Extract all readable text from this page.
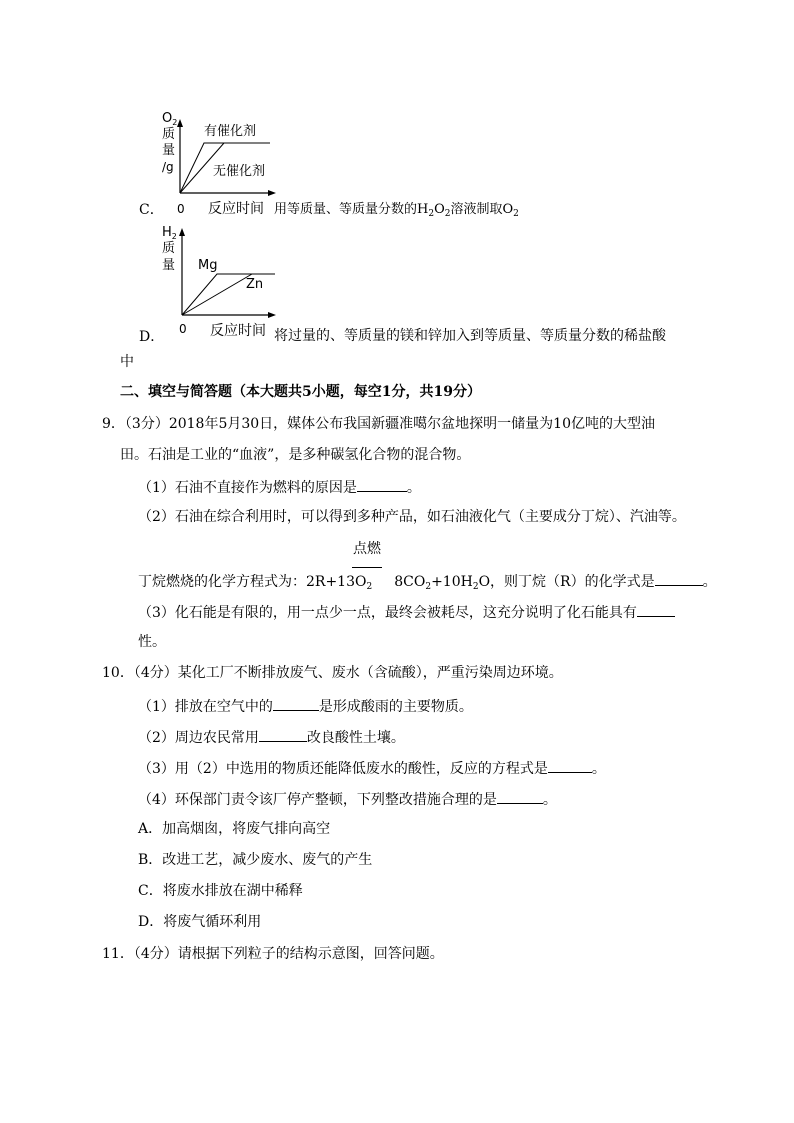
$O_2$
质
量
/g
有催化剂
无催化剂
0 反应时间
C．	用等质量、等质量分数的$H_2O_2$溶液制取$O_2$
$H_2$
质
量 Mg
Zn
0 反应时间
D．	将过量的、等质量的镁和锌加入到等质量、等质量分数的稀盐酸
中
二、填空与简答题（本大题共5小题，每空1分，共19分）
9．（3分）2018年5月30日，媒体公布我国新疆准噶尔盆地探明一储量为10亿吨的大型油
田。石油是工业的“血液”，是多种碳氢化合物的混合物。
（1）石油不直接作为燃料的原因是	。
（2）石油在综合利用时，可以得到多种产品，如石油液化气（主要成分丁烷）、汽油等。
点燃
丁烷燃烧的化学方程式为：$2R+13O_2$ $8CO_2+10H_2O$，则丁烷（R）的化学式是	。
（3）化石能是有限的，用一点少一点，最终会被耗尽，这充分说明了化石能具有
性。
10．（4分）某化工厂不断排放废气、废水（含硫酸），严重污染周边环境。
（1）排放在空气中的	是形成酸雨的主要物质。
（2）周边农民常用	改良酸性土壤。
（3）用（2）中选用的物质还能降低废水的酸性，反应的方程式是	。
（4）环保部门责令该厂停产整顿，下列整改措施合理的是	。
A．加高烟囱，将废气排向高空
B．改进工艺，减少废水、废气的产生
C．将废水排放在湖中稀释
D．将废气循环利用
11．（4分）请根据下列粒子的结构示意图，回答问题。
